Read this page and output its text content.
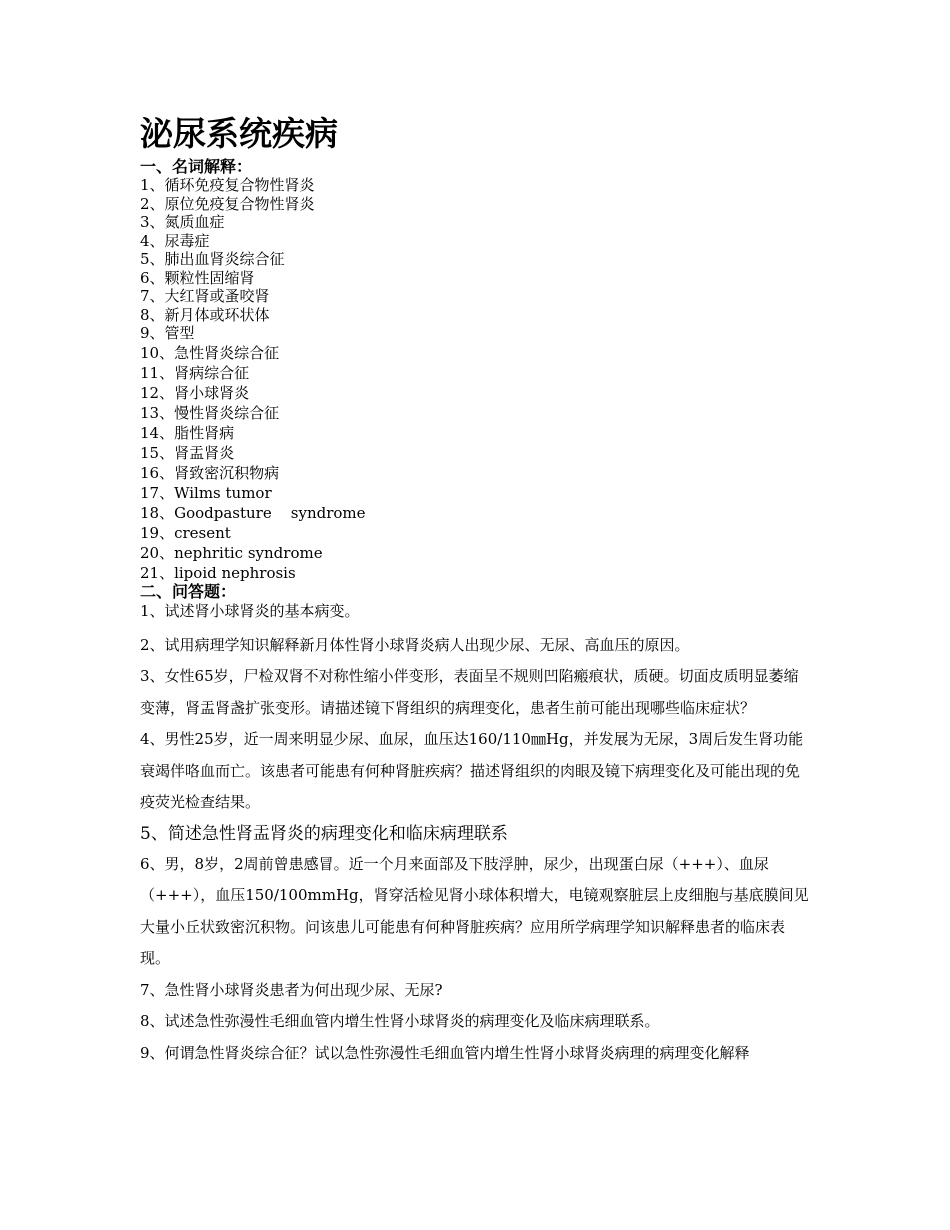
泌尿系统疾病
一、名词解释：
1、循环免疫复合物性肾炎
2、原位免疫复合物性肾炎
3、氮质血症
4、尿毒症
5、肺出血肾炎综合征
6、颗粒性固缩肾
7、大红肾或蚤咬肾
8、新月体或环状体
9、管型
10、急性肾炎综合征
11、肾病综合征
12、肾小球肾炎
13、慢性肾炎综合征
14、脂性肾病
15、肾盂肾炎
16、肾致密沉积物病
17、Wilms tumor
18、Goodpasture    syndrome
19、cresent
20、nephritic syndrome
21、lipoid nephrosis
二、问答题：
1、试述肾小球肾炎的基本病变。
2、试用病理学知识解释新月体性肾小球肾炎病人出现少尿、无尿、高血压的原因。
3、女性65岁，尸检双肾不对称性缩小伴变形，表面呈不规则凹陷瘢痕状，质硬。切面皮质明显萎缩变薄，肾盂肾盏扩张变形。请描述镜下肾组织的病理变化，患者生前可能出现哪些临床症状？
4、男性25岁，近一周来明显少尿、血尿，血压达160/110㎜Hg，并发展为无尿，3周后发生肾功能衰竭伴咯血而亡。该患者可能患有何种肾脏疾病？描述肾组织的肉眼及镜下病理变化及可能出现的免疫荧光检查结果。
5、简述急性肾盂肾炎的病理变化和临床病理联系
6、男，8岁，2周前曾患感冒。近一个月来面部及下肢浮肿，尿少，出现蛋白尿（+++）、血尿（+++），血压150/100mmHg，肾穿活检见肾小球体积增大，电镜观察脏层上皮细胞与基底膜间见大量小丘状致密沉积物。问该患儿可能患有何种肾脏疾病？应用所学病理学知识解释患者的临床表现。
7、急性肾小球肾炎患者为何出现少尿、无尿?
8、试述急性弥漫性毛细血管内增生性肾小球肾炎的病理变化及临床病理联系。
9、何谓急性肾炎综合征？试以急性弥漫性毛细血管内增生性肾小球肾炎病理的病理变化解释
